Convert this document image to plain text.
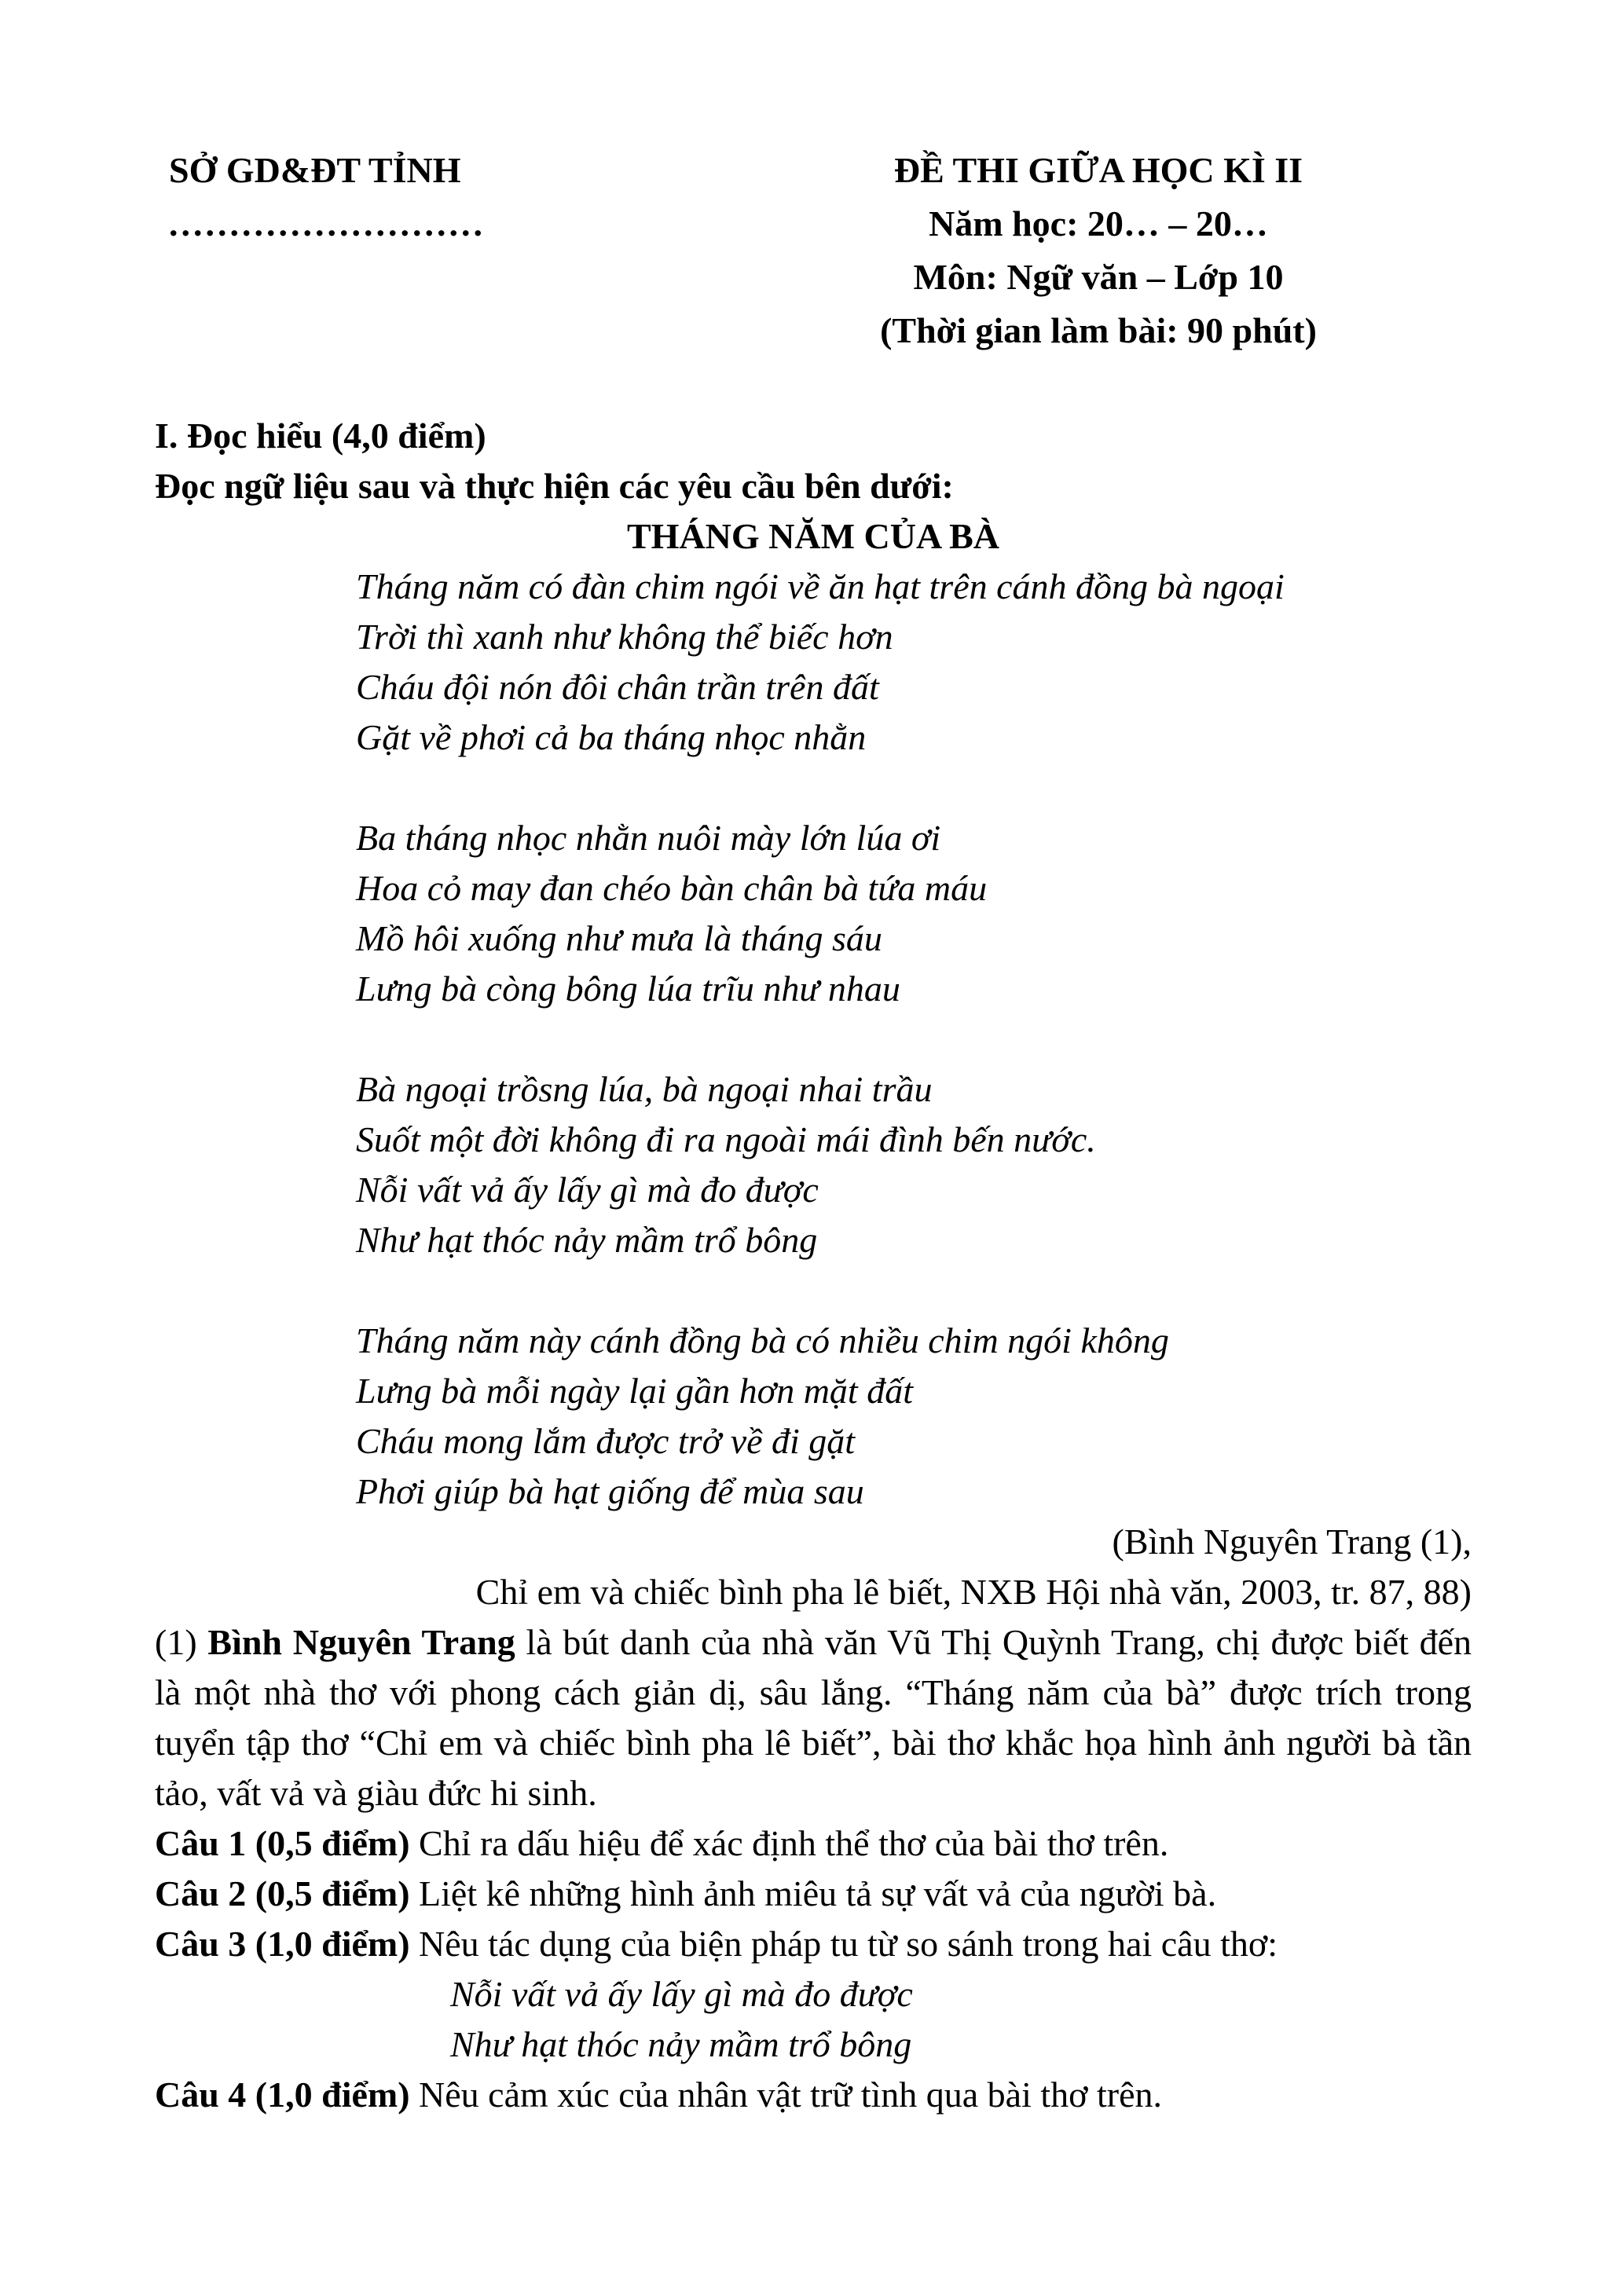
SỞ GD&ĐT TỈNH
..........................
ĐỀ THI GIỮA HỌC KÌ II
Năm học: 20… – 20…
Môn: Ngữ văn – Lớp 10
(Thời gian làm bài: 90 phút)
I. Đọc hiểu (4,0 điểm)
Đọc ngữ liệu sau và thực hiện các yêu cầu bên dưới:
THÁNG NĂM CỦA BÀ
Tháng năm có đàn chim ngói về ăn hạt trên cánh đồng bà ngoại
Trời thì xanh như không thể biếc hơn
Cháu đội nón đôi chân trần trên đất
Gặt về phơi cả ba tháng nhọc nhằn
Ba tháng nhọc nhằn nuôi mày lớn lúa ơi
Hoa cỏ may đan chéo bàn chân bà tứa máu
Mồ hôi xuống như mưa là tháng sáu
Lưng bà còng bông lúa trĩu như nhau
Bà ngoại trồsng lúa, bà ngoại nhai trầu
Suốt một đời không đi ra ngoài mái đình bến nước.
Nỗi vất vả ấy lấy gì mà đo được
Như hạt thóc nảy mầm trổ bông
Tháng năm này cánh đồng bà có nhiều chim ngói không
Lưng bà mỗi ngày lại gần hơn mặt đất
Cháu mong lắm được trở về đi gặt
Phơi giúp bà hạt giống để mùa sau
(Bình Nguyên Trang (1),
Chỉ em và chiếc bình pha lê biết, NXB Hội nhà văn, 2003, tr. 87, 88)
(1) Bình Nguyên Trang là bút danh của nhà văn Vũ Thị Quỳnh Trang, chị được biết đến là một nhà thơ với phong cách giản dị, sâu lắng. “Tháng năm của bà” được trích trong tuyển tập thơ “Chỉ em và chiếc bình pha lê biết”, bài thơ khắc họa hình ảnh người bà tần tảo, vất vả và giàu đức hi sinh.
Câu 1 (0,5 điểm) Chỉ ra dấu hiệu để xác định thể thơ của bài thơ trên.
Câu 2 (0,5 điểm) Liệt kê những hình ảnh miêu tả sự vất vả của người bà.
Câu 3 (1,0 điểm) Nêu tác dụng của biện pháp tu từ so sánh trong hai câu thơ:
Nỗi vất vả ấy lấy gì mà đo được
Như hạt thóc nảy mầm trổ bông
Câu 4 (1,0 điểm) Nêu cảm xúc của nhân vật trữ tình qua bài thơ trên.
